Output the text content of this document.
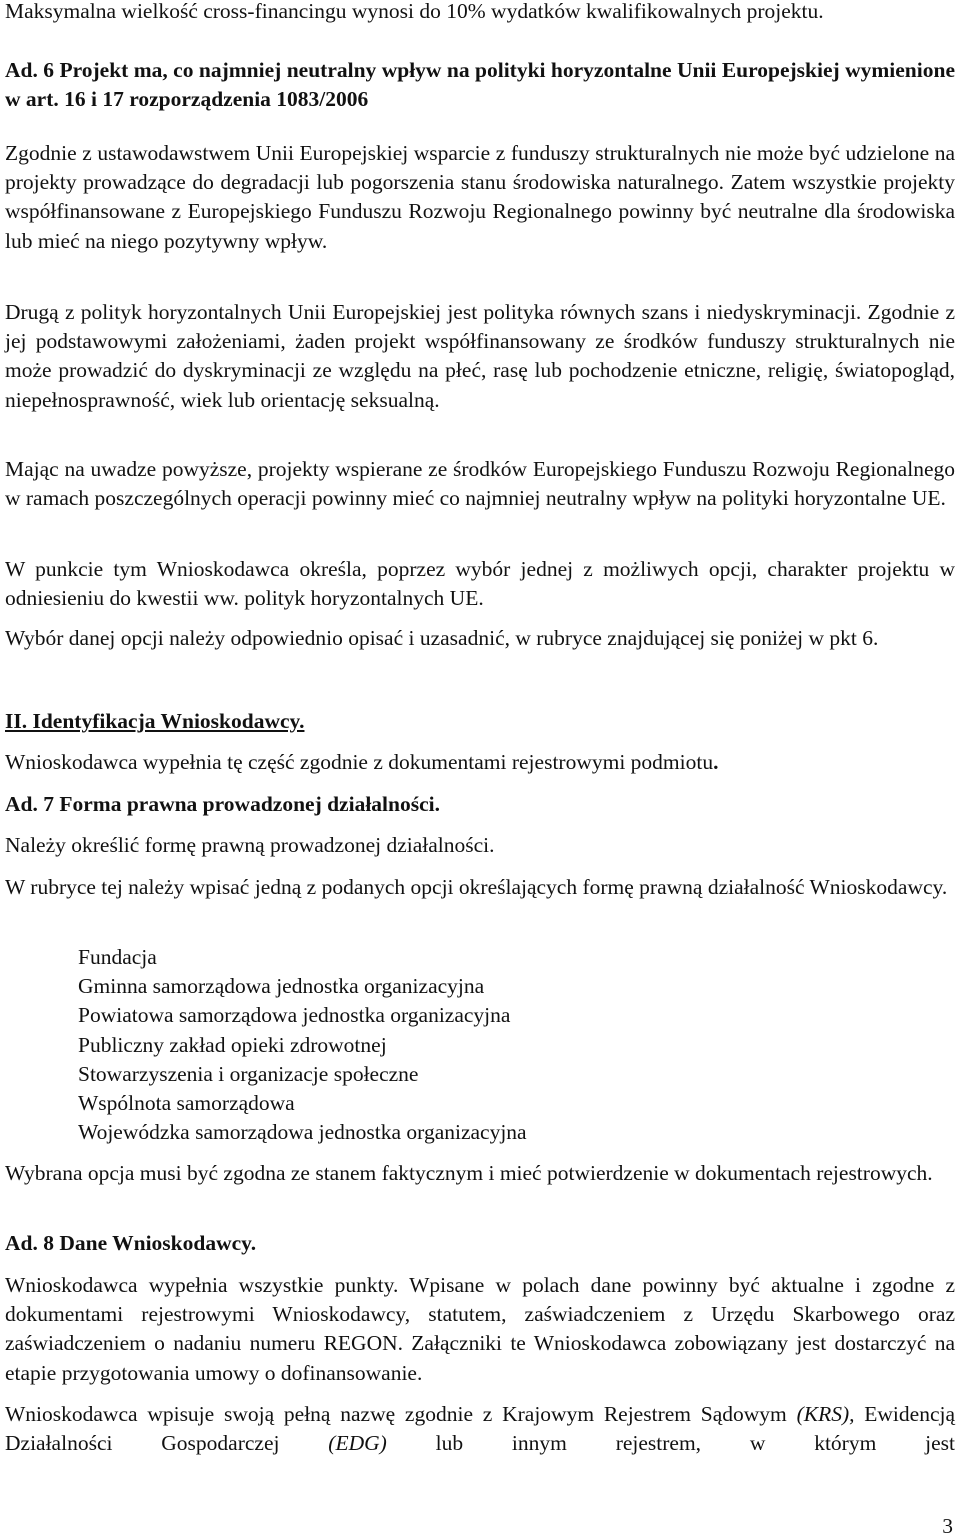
Maksymalna wielkość cross-financingu wynosi do 10% wydatków kwalifikowalnych projektu.

Ad. 6 Projekt ma, co najmniej neutralny wpływ na polityki horyzontalne Unii Europejskiej wymienione w art. 16 i 17 rozporządzenia 1083/2006

Zgodnie z ustawodawstwem Unii Europejskiej wsparcie z funduszy strukturalnych nie może być udzielone na projekty prowadzące do degradacji lub pogorszenia stanu środowiska naturalnego. Zatem wszystkie projekty współfinansowane z Europejskiego Funduszu Rozwoju Regionalnego powinny być neutralne dla środowiska lub mieć na niego pozytywny wpływ.

Drugą z polityk horyzontalnych Unii Europejskiej jest polityka równych szans i niedyskryminacji. Zgodnie z jej podstawowymi założeniami, żaden projekt współfinansowany ze środków funduszy strukturalnych nie może prowadzić do dyskryminacji ze względu na płeć, rasę lub pochodzenie etniczne, religię, światopogląd, niepełnosprawność, wiek lub orientację seksualną.

Mając na uwadze powyższe, projekty wspierane ze środków Europejskiego Funduszu Rozwoju Regionalnego w ramach poszczególnych operacji powinny mieć co najmniej neutralny wpływ na polityki horyzontalne UE.

W punkcie tym Wnioskodawca określa, poprzez wybór jednej z możliwych opcji, charakter projektu w odniesieniu do kwestii ww. polityk horyzontalnych UE.

Wybór danej opcji należy odpowiednio opisać i uzasadnić, w rubryce znajdującej się poniżej w pkt 6.

II. Identyfikacja Wnioskodawcy.

Wnioskodawca wypełnia tę część zgodnie z dokumentami rejestrowymi podmiotu.

Ad. 7 Forma prawna prowadzonej działalności.

Należy określić formę prawną prowadzonej działalności.

W rubryce tej należy wpisać jedną z podanych opcji określających formę prawną działalność Wnioskodawcy.

Fundacja
Gminna samorządowa jednostka organizacyjna
Powiatowa samorządowa jednostka organizacyjna
Publiczny zakład opieki zdrowotnej
Stowarzyszenia i organizacje społeczne
Wspólnota samorządowa
Wojewódzka samorządowa jednostka organizacyjna

Wybrana opcja musi być zgodna ze stanem faktycznym i mieć potwierdzenie w dokumentach rejestrowych.

Ad. 8 Dane Wnioskodawcy.

Wnioskodawca wypełnia wszystkie punkty. Wpisane w polach dane powinny być aktualne i zgodne z dokumentami rejestrowymi Wnioskodawcy, statutem, zaświadczeniem z Urzędu Skarbowego oraz zaświadczeniem o nadaniu numeru REGON. Załączniki te Wnioskodawca zobowiązany jest dostarczyć na etapie przygotowania umowy o dofinansowanie.

Wnioskodawca wpisuje swoją pełną nazwę zgodnie z Krajowym Rejestrem Sądowym (KRS), Ewidencją Działalności Gospodarczej (EDG) lub innym rejestrem, w którym jest

3
